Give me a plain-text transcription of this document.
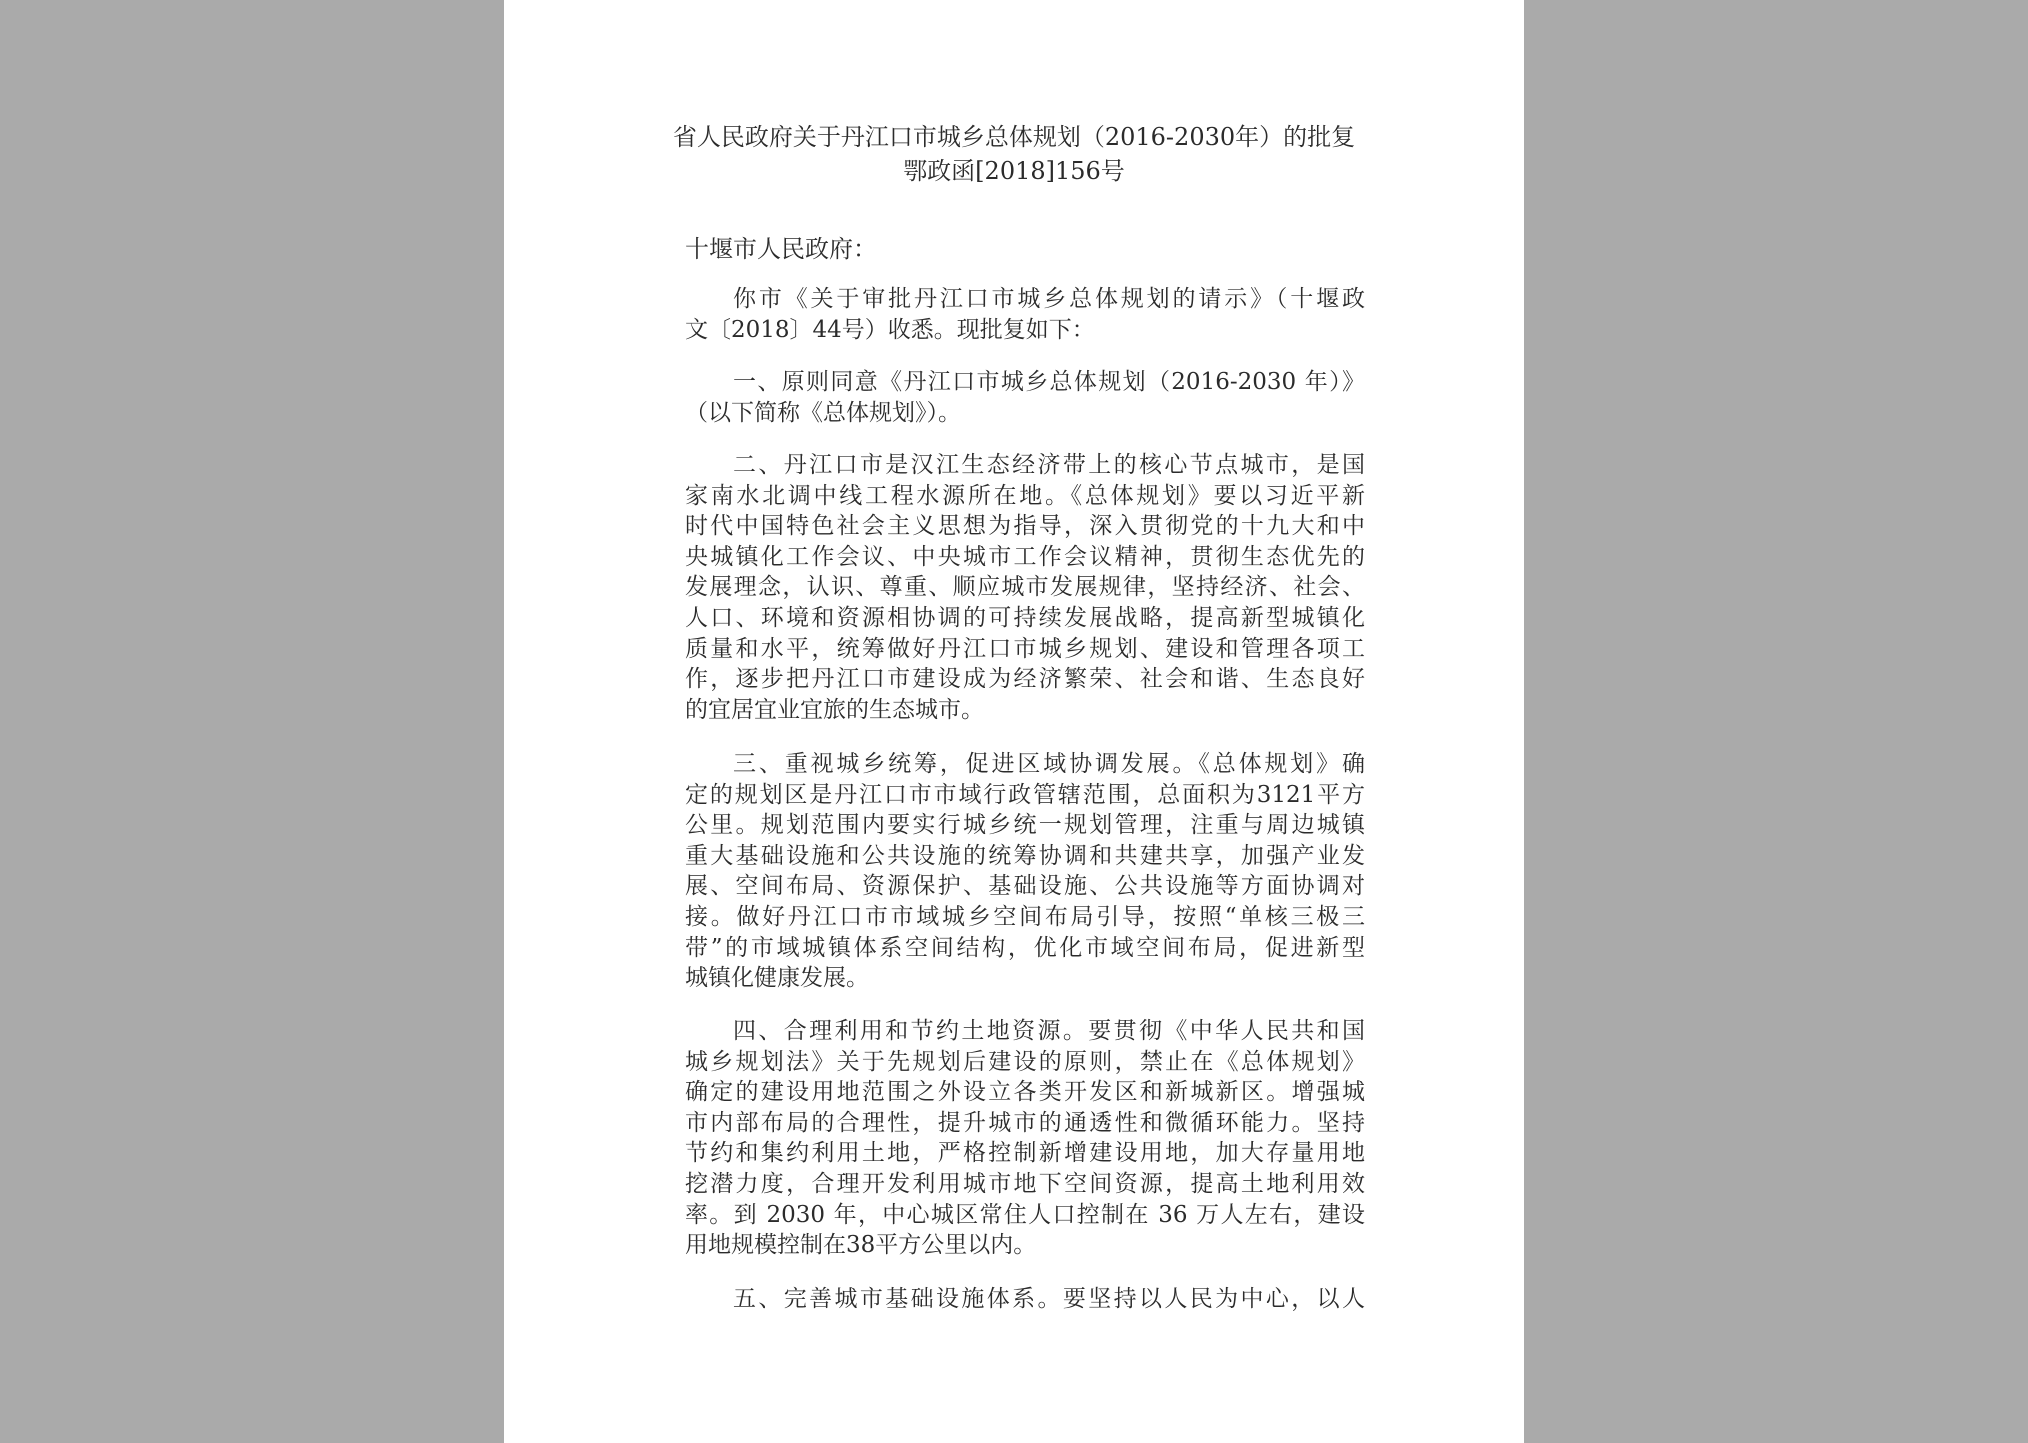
省人民政府关于丹江口市城乡总体规划（2016-2030年）的批复
鄂政函[2018]156号
十堰市人民政府：
你市《关于审批丹江口市城乡总体规划的请示》（十堰政
文〔2018〕44号）收悉。现批复如下：
一、原则同意《丹江口市城乡总体规划（2016-2030 年）》
（以下简称《总体规划》）。
二、丹江口市是汉江生态经济带上的核心节点城市，是国
家南水北调中线工程水源所在地。《总体规划》要以习近平新
时代中国特色社会主义思想为指导，深入贯彻党的十九大和中
央城镇化工作会议、中央城市工作会议精神，贯彻生态优先的
发展理念，认识、尊重、顺应城市发展规律，坚持经济、社会、
人口、环境和资源相协调的可持续发展战略，提高新型城镇化
质量和水平，统筹做好丹江口市城乡规划、建设和管理各项工
作，逐步把丹江口市建设成为经济繁荣、社会和谐、生态良好
的宜居宜业宜旅的生态城市。
三、重视城乡统筹，促进区域协调发展。《总体规划》确
定的规划区是丹江口市市域行政管辖范围，总面积为3121平方
公里。规划范围内要实行城乡统一规划管理，注重与周边城镇
重大基础设施和公共设施的统筹协调和共建共享，加强产业发
展、空间布局、资源保护、基础设施、公共设施等方面协调对
接。做好丹江口市市域城乡空间布局引导，按照“单核三极三
带”的市域城镇体系空间结构，优化市域空间布局，促进新型
城镇化健康发展。
四、合理利用和节约土地资源。要贯彻《中华人民共和国
城乡规划法》关于先规划后建设的原则，禁止在《总体规划》
确定的建设用地范围之外设立各类开发区和新城新区。增强城
市内部布局的合理性，提升城市的通透性和微循环能力。坚持
节约和集约利用土地，严格控制新增建设用地，加大存量用地
挖潜力度，合理开发利用城市地下空间资源，提高土地利用效
率。到 2030 年，中心城区常住人口控制在 36 万人左右，建设
用地规模控制在38平方公里以内。
五、完善城市基础设施体系。要坚持以人民为中心，以人
